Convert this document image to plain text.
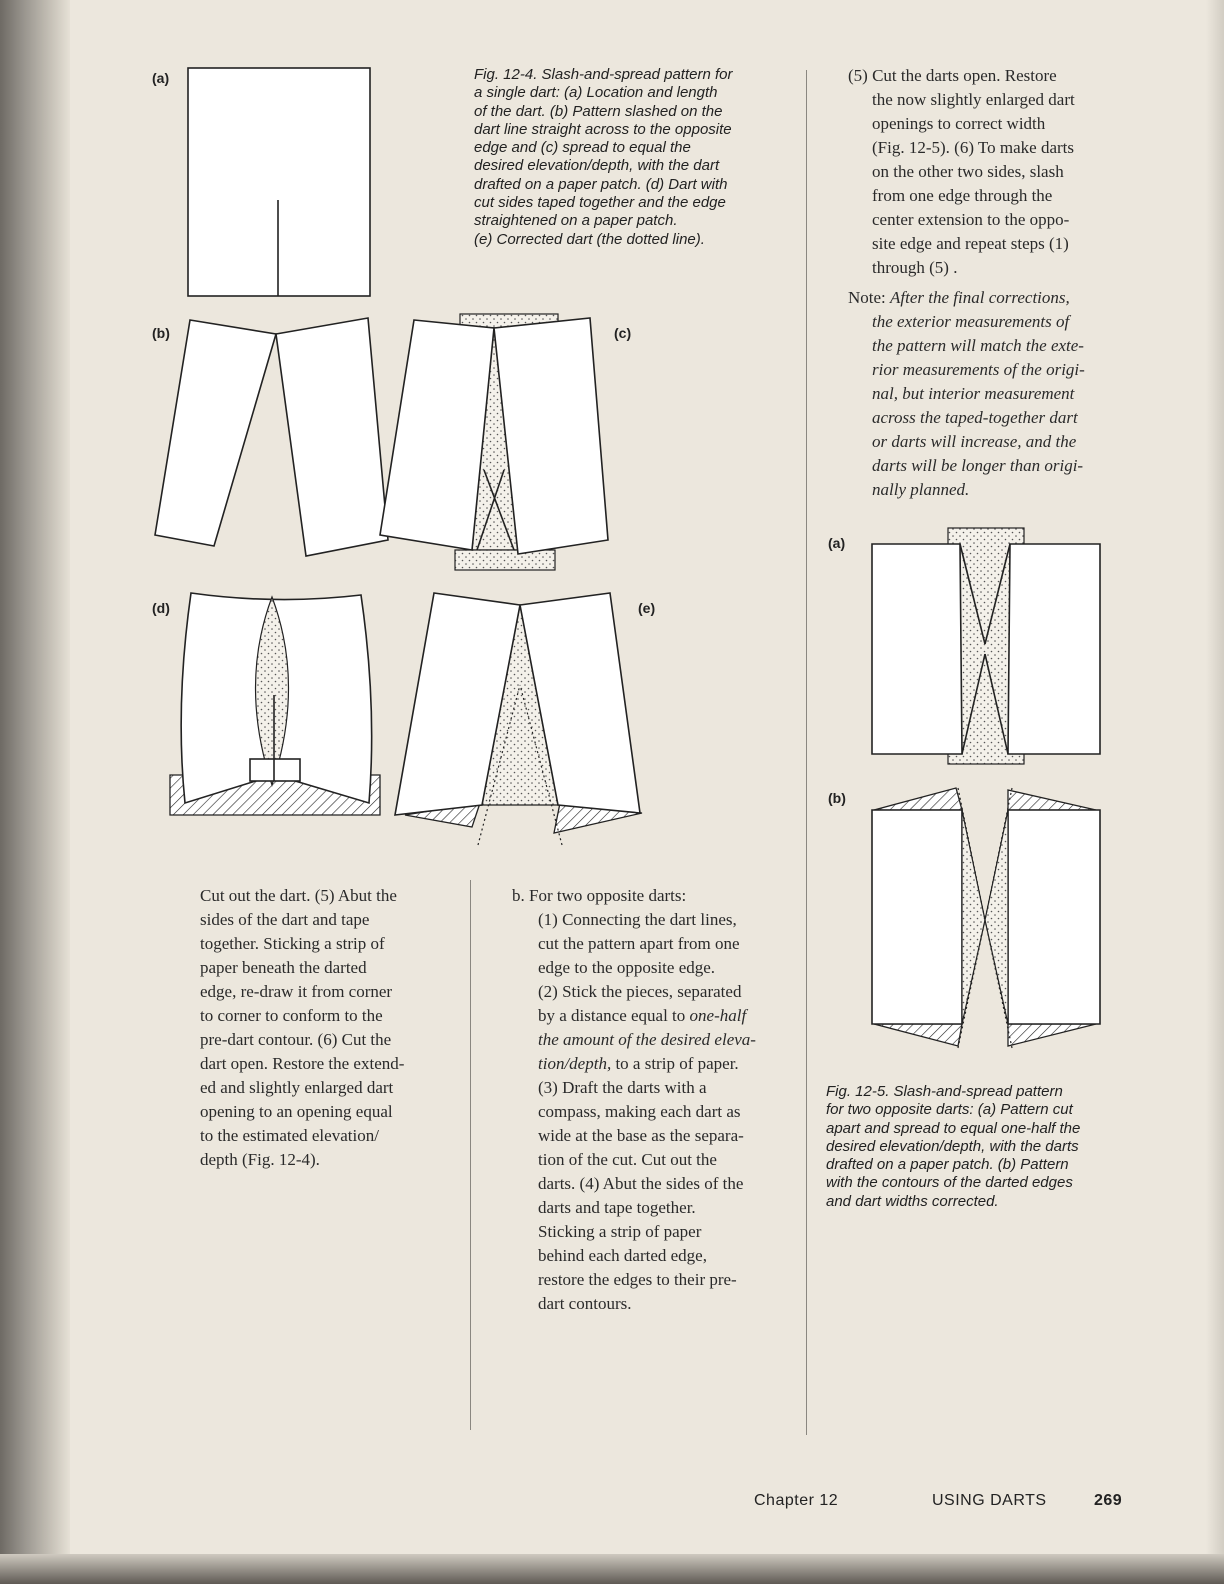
(a)	Fig. 12-4. Slash-and-spread pattern for
a single dart: (a) Location and length
of the dart. (b) Pattern slashed on the
dart line straight across to the opposite
edge and (c) spread to equal the
desired elevation/depth, with the dart
drafted on a paper patch. (d) Dart with
cut sides taped together and the edge
straightened on a paper patch.
(e) Corrected dart (the dotted line).
(b)	(c)
(d)	(e)
(a)
(b)
Fig. 12-5. Slash-and-spread pattern
for two opposite darts: (a) Pattern cut
apart and spread to equal one-half the
desired elevation/depth, with the darts
drafted on a paper patch. (b) Pattern
with the contours of the darted edges
and dart widths corrected.

Cut out the dart. (5) Abut the

sides of the dart and tape

together. Sticking a strip of

paper beneath the darted

edge, re-draw it from corner

to corner to conform to the

pre-dart contour. (6) Cut the

dart open. Restore the extend-

ed and slightly enlarged dart

opening to an opening equal

to the estimated elevation/

depth (Fig. 12-4).

b. For two opposite darts:

(1) Connecting the dart lines,

cut the pattern apart from one

edge to the opposite edge.

(2) Stick the pieces, separated

by a distance equal to one-half

the amount of the desired eleva-

tion/depth, to a strip of paper.

(3) Draft the darts with a

compass, making each dart as

wide at the base as the separa-

tion of the cut. Cut out the

darts. (4) Abut the sides of the

darts and tape together.

Sticking a strip of paper

behind each darted edge,

restore the edges to their pre-

dart contours.

(5) Cut the darts open. Restore

the now slightly enlarged dart

openings to correct width

(Fig. 12-5). (6) To make darts

on the other two sides, slash

from one edge through the

center extension to the oppo-

site edge and repeat steps (1)

through (5) .

Note: After the final corrections,

the exterior measurements of

the pattern will match the exte-

rior measurements of the origi-

nal, but interior measurement

across the taped-together dart

or darts will increase, and the

darts will be longer than origi-

nally planned.

Chapter 12	USING DARTS	269
